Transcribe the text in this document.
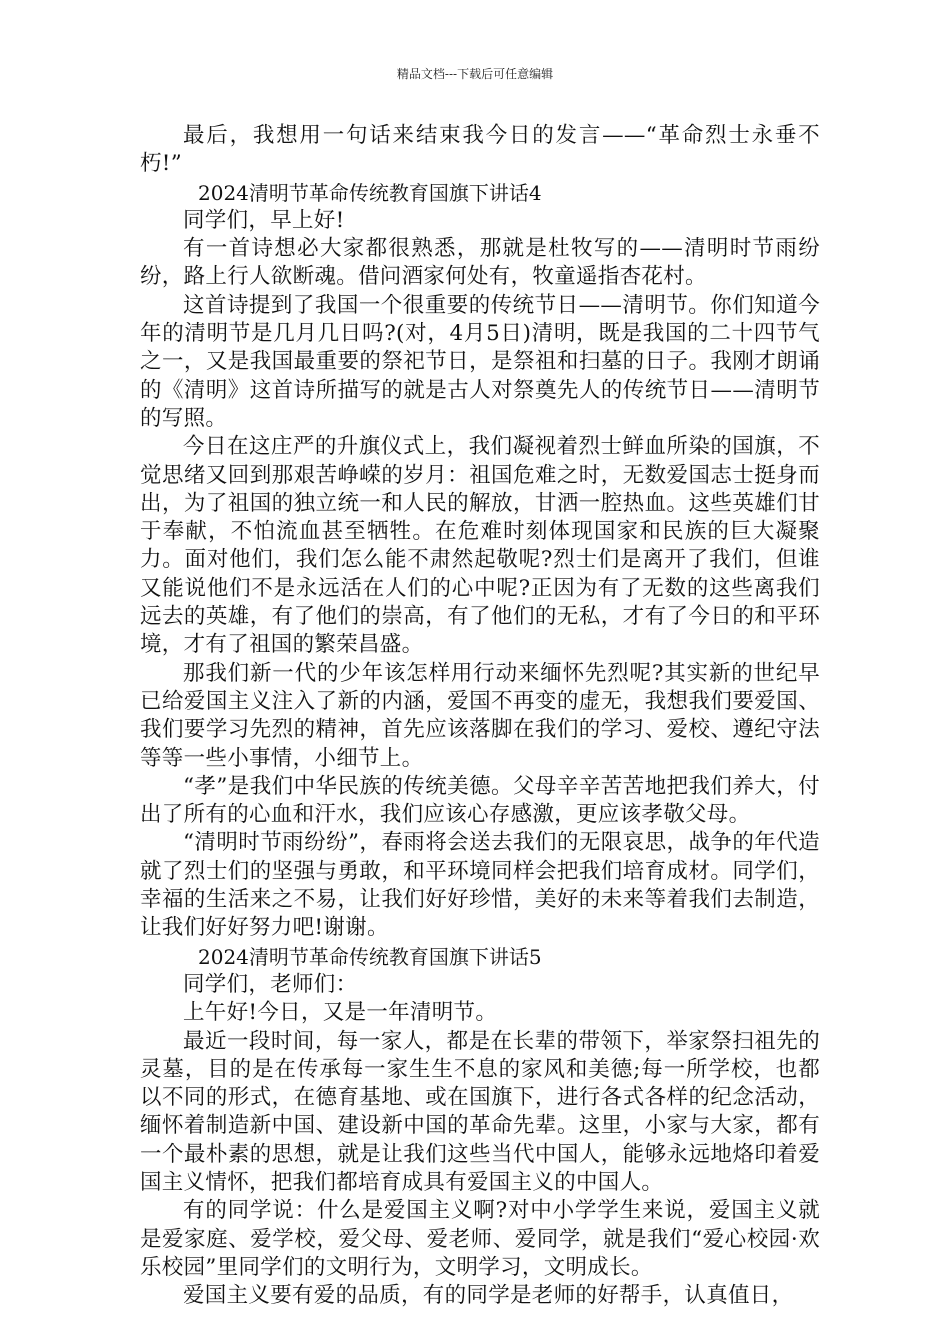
精品文档---下载后可任意编辑

最后，我想用一句话来结束我今日的发言——“革命烈士永垂不朽!”

2024清明节革命传统教育国旗下讲话4

同学们，早上好!

有一首诗想必大家都很熟悉，那就是杜牧写的——清明时节雨纷纷，路上行人欲断魂。借问酒家何处有，牧童遥指杏花村。

这首诗提到了我国一个很重要的传统节日——清明节。你们知道今年的清明节是几月几日吗?(对，4月5日)清明，既是我国的二十四节气之一，又是我国最重要的祭祀节日，是祭祖和扫墓的日子。我刚才朗诵的《清明》这首诗所描写的就是古人对祭奠先人的传统节日——清明节的写照。

今日在这庄严的升旗仪式上，我们凝视着烈士鲜血所染的国旗，不觉思绪又回到那艰苦峥嵘的岁月：祖国危难之时，无数爱国志士挺身而出，为了祖国的独立统一和人民的解放，甘洒一腔热血。这些英雄们甘于奉献，不怕流血甚至牺牲。在危难时刻体现国家和民族的巨大凝聚力。面对他们，我们怎么能不肃然起敬呢?烈士们是离开了我们，但谁又能说他们不是永远活在人们的心中呢?正因为有了无数的这些离我们远去的英雄，有了他们的崇高，有了他们的无私，才有了今日的和平环境，才有了祖国的繁荣昌盛。

那我们新一代的少年该怎样用行动来缅怀先烈呢?其实新的世纪早已给爱国主义注入了新的内涵，爱国不再变的虚无，我想我们要爱国、我们要学习先烈的精神，首先应该落脚在我们的学习、爱校、遵纪守法等等一些小事情，小细节上。

“孝”是我们中华民族的传统美德。父母辛辛苦苦地把我们养大，付出了所有的心血和汗水，我们应该心存感激，更应该孝敬父母。

“清明时节雨纷纷”，春雨将会送去我们的无限哀思，战争的年代造就了烈士们的坚强与勇敢，和平环境同样会把我们培育成材。同学们，幸福的生活来之不易，让我们好好珍惜，美好的未来等着我们去制造，让我们好好努力吧!谢谢。

2024清明节革命传统教育国旗下讲话5

同学们，老师们：

上午好!今日，又是一年清明节。

最近一段时间，每一家人，都是在长辈的带领下，举家祭扫祖先的灵墓，目的是在传承每一家生生不息的家风和美德;每一所学校，也都以不同的形式，在德育基地、或在国旗下，进行各式各样的纪念活动，缅怀着制造新中国、建设新中国的革命先辈。这里，小家与大家，都有一个最朴素的思想，就是让我们这些当代中国人，能够永远地烙印着爱国主义情怀，把我们都培育成具有爱国主义的中国人。

有的同学说：什么是爱国主义啊?对中小学学生来说，爱国主义就是爱家庭、爱学校，爱父母、爱老师、爱同学，就是我们“爱心校园·欢乐校园”里同学们的文明行为，文明学习，文明成长。

爱国主义要有爱的品质，有的同学是老师的好帮手，认真值日，
